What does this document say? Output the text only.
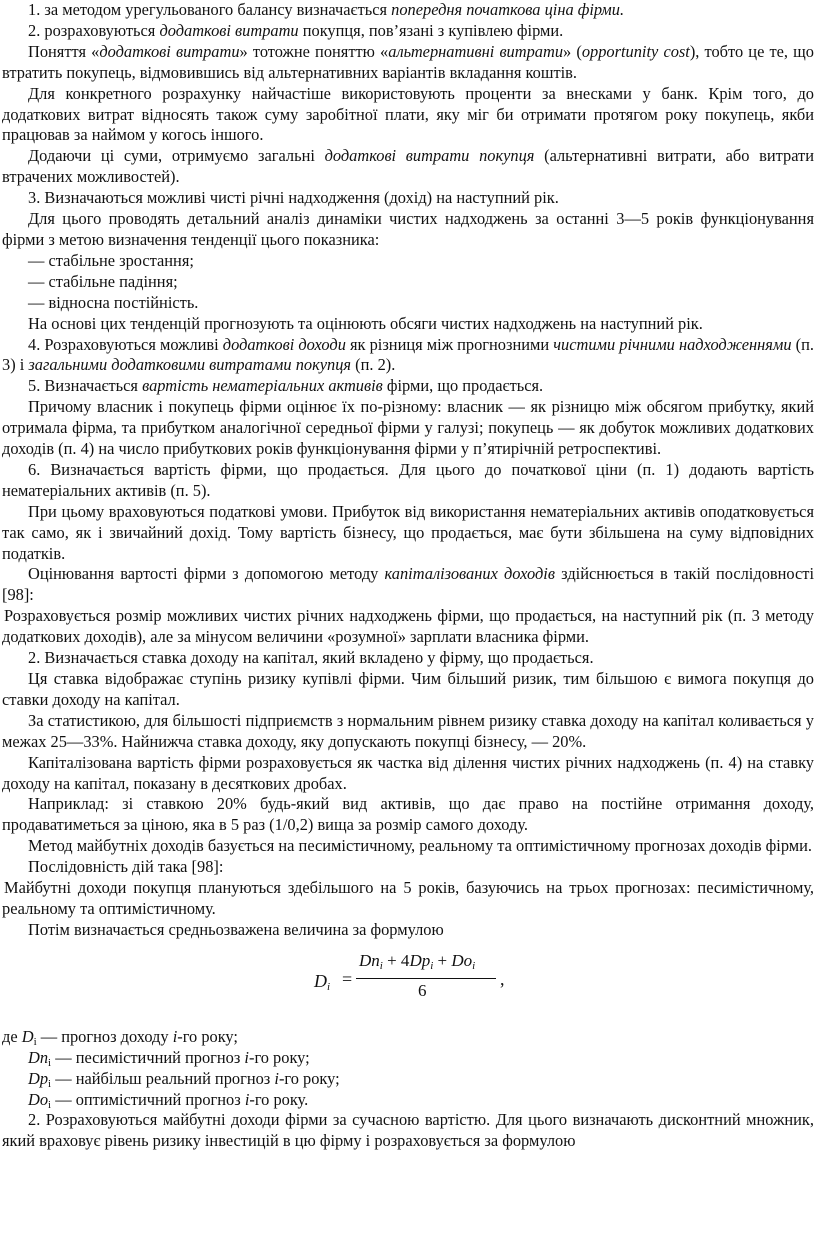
1. за методом урегульованого балансу визначається попередня початкова ціна фірми.

2. розраховуються додаткові витрати покупця, пов’язані з купівлею фірми.

Поняття «додаткові витрати» тотожне поняттю «альтернативні витрати» (opportunity cost), тобто це те, що втратить покупець, відмовившись від альтернативних варіантів вкладання коштів.

Для конкретного розрахунку найчастіше використовують проценти за внесками у банк. Крім того, до додаткових витрат відносять також суму заробітної плати, яку міг би отримати протягом року покупець, якби працював за наймом у когось іншого.

Додаючи ці суми, отримуємо загальні додаткові витрати покупця (альтернативні витрати, або витрати втрачених можливостей).

3. Визначаються можливі чисті річні надходження (дохід) на наступний рік.

Для цього проводять детальний аналіз динаміки чистих надходжень за останні 3—5 років функціонування фірми з метою визначення тенденції цього показника:

— стабільне зростання;

— стабільне падіння;

— відносна постійність.

На основі цих тенденцій прогнозують та оцінюють обсяги чистих надходжень на наступний рік.

4. Розраховуються можливі додаткові доходи як різниця між прогнозними чистими річними надходженнями (п. 3) і загальними додатковими витратами покупця (п. 2).

5. Визначається вартість нематеріальних активів фірми, що продається.

Причому власник і покупець фірми оцінює їх по-різному: власник — як різницю між обсягом прибутку, який отримала фірма, та прибутком аналогічної середньої фірми у галузі; покупець — як добуток можливих додаткових доходів (п. 4) на число прибуткових років функціонування фірми у п’ятирічній ретроспективі.

6. Визначається вартість фірми, що продається. Для цього до початкової ціни (п. 1) додають вартість нематеріальних активів (п. 5).

При цьому враховуються податкові умови. Прибуток від використання нематеріальних активів оподатковується так само, як і звичайний дохід. Тому вартість бізнесу, що продається, має бути збільшена на суму відповідних податків.

Оцінювання вартості фірми з допомогою методу капіталізованих доходів здійснюється в такій послідовності [98]:

Розраховується розмір можливих чистих річних надходжень фірми, що продається, на наступний рік (п. 3 методу додаткових доходів), але за мінусом величини «розумної» зарплати власника фірми.

2. Визначається ставка доходу на капітал, який вкладено у фірму, що продається.

Ця ставка відображає ступінь ризику купівлі фірми. Чим більший ризик, тим більшою є вимога покупця до ставки доходу на капітал.

За статистикою, для більшості підприємств з нормальним рівнем ризику ставка доходу на капітал коливається у межах 25—33%. Найнижча ставка доходу, яку допускають покупці бізнесу, — 20%.

Капіталізована вартість фірми розраховується як частка від ділення чистих річних надходжень (п. 4) на ставку доходу на капітал, показану в десяткових дробах.

Наприклад: зі ставкою 20% будь-який вид активів, що дає право на постійне отримання доходу, продаватиметься за ціною, яка в 5 раз (1/0,2) вища за розмір самого доходу.

Метод майбутніх доходів базується на песимістичному, реальному та оптимістичному прогнозах доходів фірми.

Послідовність дій така [98]:

Майбутні доходи покупця плануються здебільшого на 5 років, базуючись на трьох прогнозах: песимістичному, реальному та оптимістичному.

Потім визначається средньозважена величина за формулою

$D_i$ =
$Dn_i + 4Dp_i + Do_i$
6
,

де $D_i$ — прогноз доходу i-го року;

$Dn_i$ — песимістичний прогноз i-го року;

$Dp_i$ — найбільш реальний прогноз i-го року;

$Do_i$ — оптимістичний прогноз i-го року.

2. Розраховуються майбутні доходи фірми за сучасною вартістю. Для цього визначають дисконтний множник, який враховує рівень ризику інвестицій в цю фірму і розраховується за формулою
